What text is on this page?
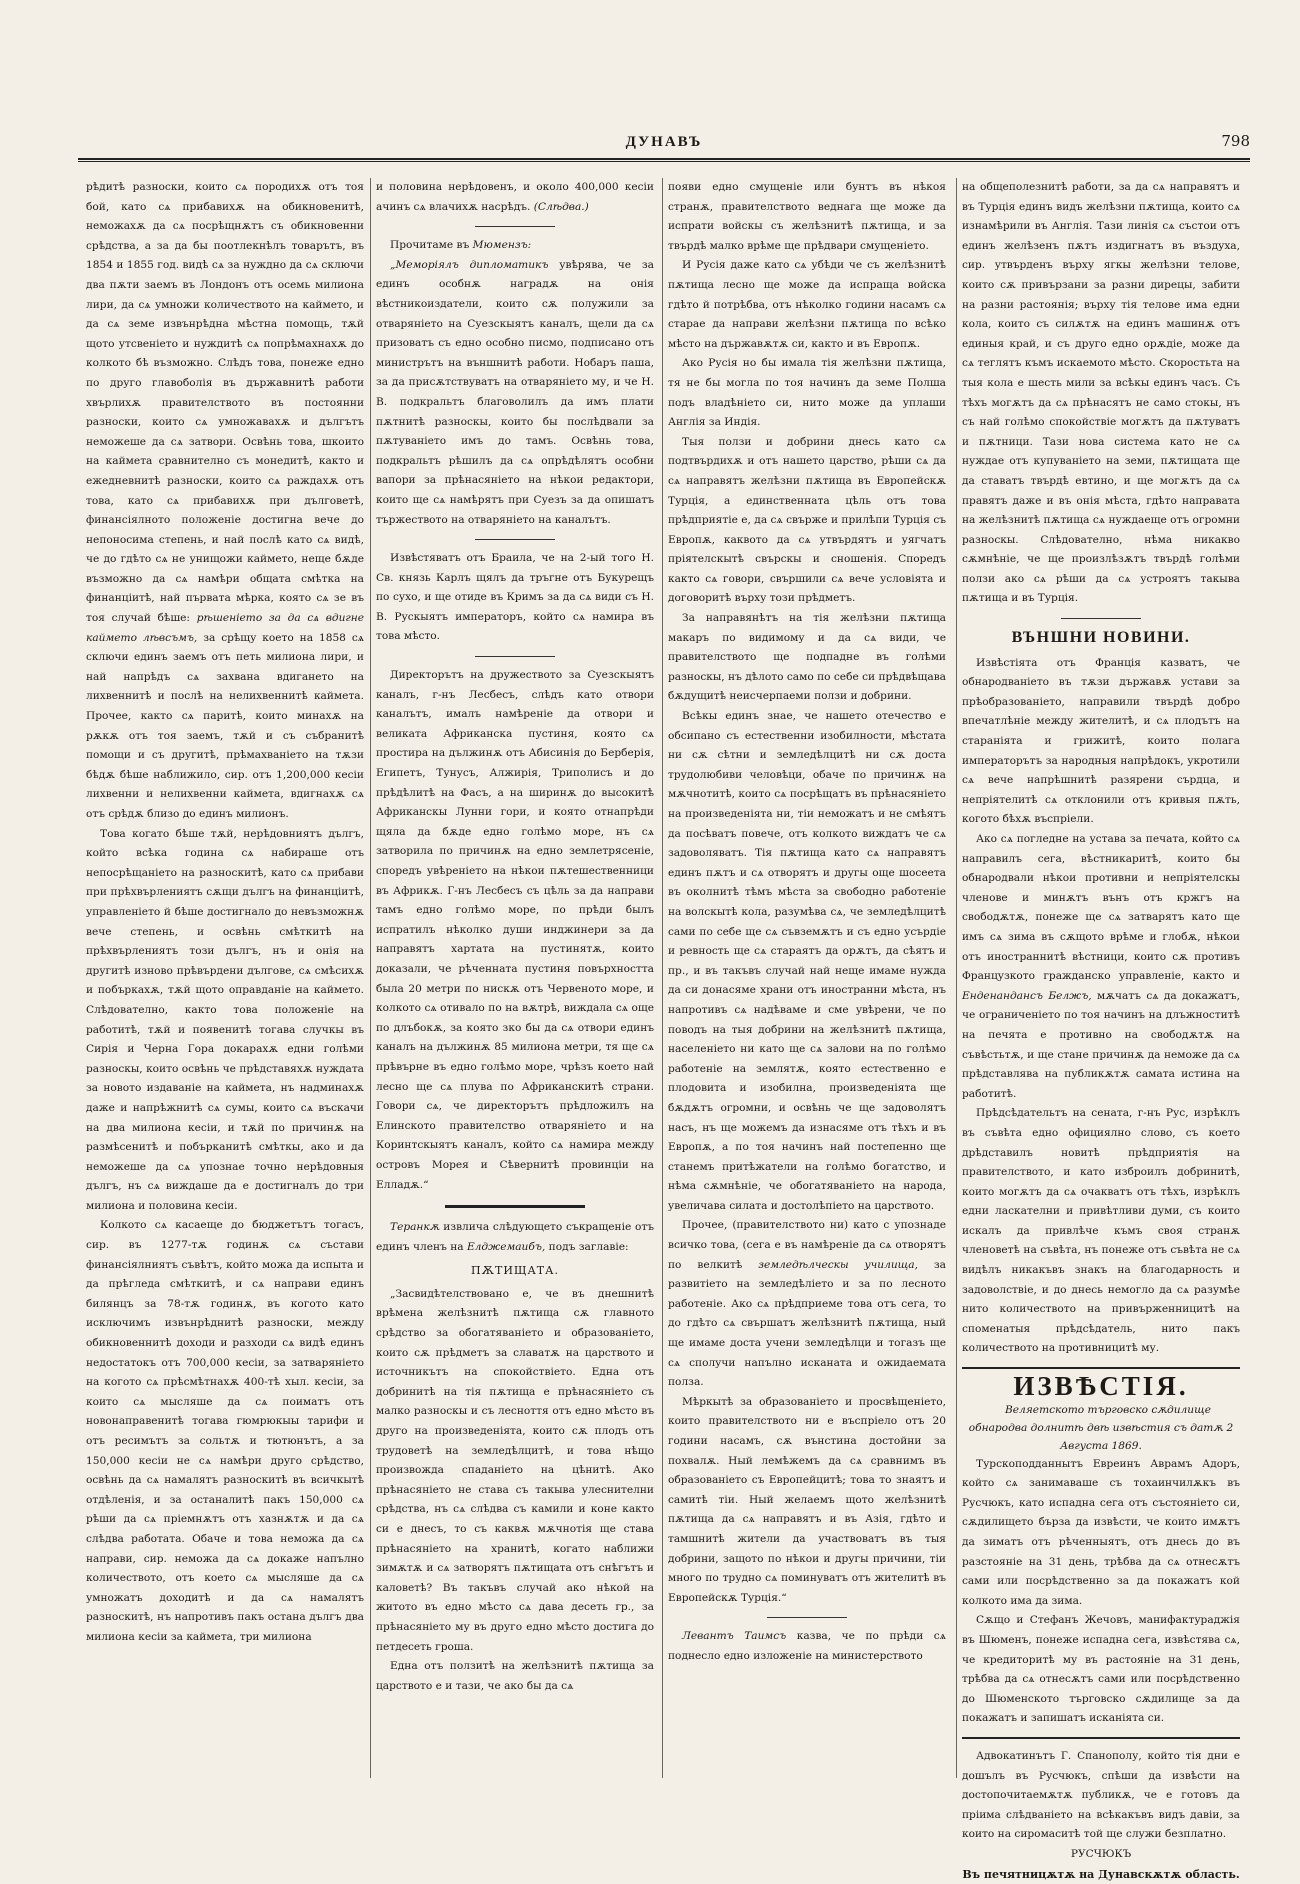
ДУНАВЪ	798

рѣдитѣ разноски, които сѧ породихѫ отъ тоя бой, като сѧ прибавихѫ на обикновенитѣ, неможахѫ да сѧ посрѣщнѫтъ съ обикновенни срѣдства, а за да бы поотлекнѣлъ товарътъ, въ 1854 и 1855 год. видѣ сѧ за нуждно да сѧ сключи два пѫти заемъ въ Лондонъ отъ осемь милиона лири, да сѧ умножи количеството на каймето, и да сѧ земе извънрѣдна мѣстна помощь, тѫй щото утсвенiето и нуждитѣ сѧ попрѣмахнахѫ до колкото бѣ възможно. Слѣдъ това, понеже едно по друго главоболiя въ държавнитѣ работи хвърлихѫ правителството въ постоянни разноски, които сѧ умножавахѫ и дългътъ неможеше да сѧ затвори. Освѣнь това, шкоито на каймета сравнително съ монедитѣ, както и ежедневнитѣ разноски, които сѧ раждахѫ отъ това, като сѧ прибавихѫ при дълговетѣ, финансiялното положенiе достигна вече до непоносима степень, и най послѣ като сѧ видѣ, че до гдѣто сѧ не унищожи каймето, неще бѫде възможно да сѧ намѣри общата смѣтка на финанцiитѣ, най първата мѣрка, която сѧ зе въ тоя случай бѣше: рѣшенiето за да сѧ вдигне каймето лѣвсъмъ, за срѣщу което на 1858 сѧ сключи единъ заемъ отъ петь милиона лири, и най напрѣдъ сѧ захвана вдигането на лихвеннитѣ и послѣ на нелихвеннитѣ каймета. Прочее, както сѧ паритѣ, които минахѫ на рѫкѫ отъ тоя заемъ, тѫй и съ събранитѣ помощи и съ другитѣ, прѣмахванiето на тѫзи бѣдѫ бѣше наближило, сир. отъ 1,200,000 кесiи лихвенни и нелихвенни каймета, вдигнахѫ сѧ отъ срѣдѫ близо до единъ милионъ.

Това когато бѣше тѫй, нерѣдовниятъ дългъ, който всѣка година сѧ набираше отъ непосрѣщанiето на разноскитѣ, като сѧ прибави при прѣхвърлениятъ сѫщи дългъ на финанцiитѣ, управленiето й бѣше достигнало до невъзможнѫ вече степень, и освѣнь смѣткитѣ на прѣхвърлениятъ този дългъ, нъ и онiя на другитѣ изново прѣвърдени дългове, сѧ смѣсихѫ и побъркахѫ, тѫй щото оправданiе на каймето. Слѣдователно, както това положенiе на работитѣ, тѫй и появенитѣ тогава случкы въ Сирiя и Черна Гора докарахѫ едни голѣми разноскы, които освѣнь че прѣдставяхѫ нуждата за новото издаванiе на каймета, нъ надминахѫ даже и напрѣжнитѣ сѧ сумы, които сѧ въскачи на два милиона кесiи, и тѫй по причинѫ на размѣсенитѣ и побърканитѣ смѣткы, ако и да неможеше да сѧ упознае точно нерѣдовныя дългъ, нъ сѧ виждаше да е достигналъ до три милиона и половина кесiи.

Колкото сѧ касаеще до бюджетътъ тогасъ, сир. въ 1277-тѫ годинѫ сѧ състави финансiялниятъ съвѣтъ, който можа да испыта и да прѣгледа смѣткитѣ, и сѧ направи единъ билянцъ за 78-тѫ годинѫ, въ когото като исключимъ извънрѣднитѣ разноски, между обикновеннитѣ доходи и разходи сѧ видѣ единъ недостатокъ отъ 700,000 кесiи, за затварянiето на когото сѧ прѣсмѣтнахѫ 400-тѣ хыл. кесiи, за които сѧ мысляше да сѧ поиматъ отъ новонаправенитѣ тогава гюмрюкыы тарифи и отъ ресимътъ за сольтѫ и тютюнътъ, а за 150,000 кесiи не сѧ намѣри друго срѣдство, освѣнь да сѧ намалятъ разноскитѣ въ всичкытѣ отдѣленiя, и за останалитѣ пакъ 150,000 сѧ рѣши да сѧ прiемнѫтъ отъ хазнѫтѫ и да сѧ слѣдва работата. Обаче и това неможа да сѧ направи, сир. неможа да сѧ докаже напълно количеството, отъ което сѧ мысляше да сѧ умножатъ доходитѣ и да сѧ намалятъ разноскитѣ, нъ напротивъ пакъ остана дългъ два милиона кесiи за каймета, три милиона

и половина нерѣдовенъ, и около 400,000 кесiи ачинъ сѧ влачихѫ насрѣдъ. (Слѣдва.)

Прочитаме въ Мюмензъ:

„Меморiялъ дипломатикъ увѣрява, че за единъ особнѫ наградѫ на онiя вѣстникоиздатели, които сѫ полужили за отварянiето на Суезскыятъ каналъ, щели да сѧ призоватъ съ едно особно писмо, подписано отъ министрътъ на външнитѣ работи. Нобаръ паша, за да присѫтствуватъ на отварянiето му, и че Н. В. подкральтъ благоволилъ да имъ плати пѫтнитѣ разноскы, които бы послѣдвали за пѫтуванiето имъ до тамъ. Освѣнь това, подкральтъ рѣшилъ да сѧ опрѣдѣлятъ особни вапори за прѣнасянiето на нѣкои редактори, които ще сѧ намѣрятъ при Суезъ за да опишатъ тържеството на отварянiето на каналътъ.

Извѣстяватъ отъ Браила, че на 2-ый того Н. Св. князь Карлъ щялъ да тръгне отъ Букурещъ по сухо, и ще отиде въ Кримъ за да сѧ види съ Н. В. Рускыятъ императоръ, който сѧ намира въ това мѣсто.

Директорътъ на дружеството за Суезскыятъ каналъ, г-нъ Лесбесъ, слѣдъ като отвори каналътъ, ималъ намѣренiе да отвори и великата Африканска пустиня, която сѧ простира на дължинѫ отъ Абисинiя до Берберiя, Египетъ, Тунусъ, Алжирiя, Триполисъ и до прѣдѣлитѣ на Фасъ, а на ширинѫ до высокитѣ Африканскы Лунни гори, и която отнапрѣди щяла да бѫде едно голѣмо море, нъ сѧ затворила по причинѫ на едно землетрясенiе, споредъ увѣренiето на нѣкои пѫтешественници въ Африкѫ. Г-нъ Лесбесъ съ цѣль за да направи тамъ едно голѣмо море, по прѣди былъ испратилъ нѣколко души инджинери за да направятъ хартата на пустинятѫ, които доказали, че рѣченната пустиня повърхността была 20 метри по нискѫ отъ Червеното море, и колкото сѧ отивало по на вѫтрѣ, виждала сѧ още по длъбокѫ, за която зко бы да сѧ отвори единъ каналъ на дължинѫ 85 милиона метри, тя ще сѧ прѣвърне въ едно голѣмо море, чрѣзъ което най лесно ще сѧ плува по Африканскитѣ страни. Говори сѧ, че директорътъ прѣдложилъ на Елинското правителство отварянiето и на Коринтскыятъ каналъ, който сѧ намира между островъ Морея и Сѣвернитѣ провинцiи на Елладѫ.“

Теранкѫ извлича слѣдующето съкращенiе отъ единъ членъ на Елджемаибъ, подъ заглавiе:

ПѪТИЩАТА.

„Засвидѣтелствовано е, че въ днешнитѣ врѣмена желѣзнитѣ пѫтища сѫ главното срѣдство за обогатяванiето и образованiето, които сѫ прѣдметъ за славатѫ на царството и источникътъ на спокойствiето. Една отъ добринитѣ на тiя пѫтища е прѣнасянiето съ малко разноскы и съ лесноття отъ едно мѣсто въ друго на произведенiята, които сѫ плодъ отъ трудоветѣ на земледѣлцитѣ, и това нѣщо произвожда спаданiето на цѣнитѣ. Ако прѣнасянiето не става съ такыва улеснителни срѣдства, нъ сѧ слѣдва съ камили и коне както си е днесъ, то съ каквѫ мѫчнотiя ще става прѣнасянiето на хранитѣ, когато наближи зимѫтѫ и сѧ затворятъ пѫтищата отъ снѣгътъ и каловетѣ? Въ такъвъ случай ако нѣкой на житото въ едно мѣсто сѧ дава десеть гр., за прѣнасянiето му въ друго едно мѣсто достига до петдесеть гроша.

Една отъ ползитѣ на желѣзнитѣ пѫтища за царството е и тази, че ако бы да сѧ

появи едно смущенiе или бунтъ въ нѣкоя странѫ, правителството веднага ще може да испрати войскы съ желѣзнитѣ пѫтища, и за твърдѣ малко врѣме ще прѣдвари смущенiето.

И Русiя даже като сѧ убѣди че съ желѣзнитѣ пѫтища лесно ще може да испраща войска гдѣто й потрѣбва, отъ нѣколко години насамъ сѧ старае да направи желѣзни пѫтища по всѣко мѣсто на държавѫтѫ си, както и въ Европѫ.

Ако Русiя но бы имала тiя желѣзни пѫтища, тя не бы могла по тоя начинъ да земе Полша подъ владѣнiето си, нито може да уплаши Англiя за Индiя.

Тыя ползи и добрини днесь като сѧ подтвърдихѫ и отъ нашето царство, рѣши сѧ да сѧ направятъ желѣзни пѫтища въ Европейскѫ Турцiя, а единственната цѣль отъ това прѣдприятiе е, да сѧ свърже и прилѣпи Турцiя съ Европѫ, каквото да сѧ утвърдятъ и уягчатъ прiятелскытѣ свърскы и сношенiя. Споредъ както сѧ говори, свършили сѧ вече условiята и договоритѣ върху този прѣдметъ.

За направянѣтъ на тiя желѣзни пѫтища макаръ по видимому и да сѧ види, че правителството ще подпадне въ голѣми разноскы, нъ дѣлото само по себе си прѣдвѣщава бѫдущитѣ неисчерпаеми ползи и добрини.

Всѣкы единъ знае, че нашето отечество е обсипано съ естественни изобилности, мѣстата ни сѫ сѣтни и земледѣлцитѣ ни сѫ доста трудолюбиви человѣци, обаче по причинѫ на мѫчнотитѣ, които сѧ посрѣщатъ въ прѣнасянiето на произведенiята ни, тiи неможатъ и не смѣятъ да посѣватъ повече, отъ колкото виждатъ че сѧ задоволяватъ. Тiя пѫтища като сѧ направятъ единъ пѫтъ и сѧ отворятъ и другы още шосеета въ околнитѣ тѣмъ мѣста за свободно работенiе на волскытѣ кола, разумѣва сѧ, че земледѣлцитѣ сами по себе ще сѧ съвземѫтъ и съ едно усърдiе и ревность ще сѧ стараятъ да орѫтъ, да сѣятъ и пр., и въ такъвъ случай най неще имаме нужда да си донасяме храни отъ иностранни мѣста, нъ напротивъ сѧ надѣваме и сме увѣрени, че по поводъ на тыя добрини на желѣзнитѣ пѫтища, населенiето ни като ще сѧ залови на по голѣмо работенiе на землятѫ, която естественно е плодовита и изобилна, произведенiята ще бѫдѫтъ огромни, и освѣнь че ще задоволятъ насъ, нъ ще можемъ да изнасяме отъ тѣхъ и въ Европѫ, а по тоя начинъ най постепенно ще станемъ притѣжатели на голѣмо богатство, и нѣма сѫмнѣнiе, че обогатяванiето на народа, увеличава силата и достолѣпiето на царството.

Прочее, (правителството ни) като с упознаде всичко това, (сега е въ намѣренiе да сѧ отворятъ по велкитѣ земледѣлческы училища, за развитiето на земледѣлiето и за по лесното работенiе. Ако сѧ прѣдприеме това отъ сега, то до гдѣто сѧ свършатъ желѣзнитѣ пѫтища, ный ще имаме доста учени земледѣлци и тогазъ ще сѧ сполучи напълно исканата и ожидаемата полза.

Мѣркытѣ за образованiето и просвѣщенiето, които правителството ни е въспрiело отъ 20 години насамъ, сѫ вънстина достойни за похвалѫ. Ный лемѣжемъ да сѧ сравнимъ въ образованiето съ Европейцитѣ; това то знаятъ и самитѣ тiи. Ный желаемъ щото желѣзнитѣ пѫтища да сѧ направятъ и въ Азiя, гдѣто и тамшнитѣ жители да участвоватъ въ тыя добрини, защото по нѣкои и другы причини, тiи много по трудно сѧ поминуватъ отъ жителитѣ въ Европейскѫ Турцiя.“

Левантъ Таимсъ казва, че по прѣди сѧ поднесло едно изложенiе на министерството

на общеполезнитѣ работи, за да сѧ направятъ и въ Турцiя единъ видъ желѣзни пѫтища, които сѧ изнамѣрили въ Англiя. Тази линiя сѧ състои отъ единъ желѣзенъ пѫтъ издигнатъ въ въздуха, сир. утвърденъ върху ягкы желѣзни телове, които сѫ привързани за разни дирецы, забити на разни растоянiя; върху тiя телове има едни кола, които съ силѫтѫ на единъ машинѫ отъ единыя край, и съ друго едно орѫдiе, може да сѧ теглятъ къмъ искаемото мѣсто. Скоростьта на тыя кола е шесть мили за всѣкы единъ часъ. Съ тѣхъ могѫтъ да сѧ прѣнасятъ не само стокы, нъ съ най голѣмо спокойствiе могѫтъ да пѫтуватъ и пѫтници. Тази нова система като не сѧ нуждае отъ купуванiето на земи, пѫтищата ще да ставатъ твърдѣ евтино, и ще могѫтъ да сѧ правятъ даже и въ онiя мѣста, гдѣто направата на желѣзнитѣ пѫтища сѧ нуждаеще отъ огромни разноскы. Слѣдователно, нѣма никакво сѫмнѣнiе, че ще произлѣзѫтъ твърдѣ голѣми ползи ако сѧ рѣши да сѧ устроятъ такыва пѫтища и въ Турцiя.

ВЪНШНИ НОВИНИ.

Извѣстiята отъ Францiя казватъ, че обнародванiето въ тѫзи държавѫ устави за прѣобразованiето, направили твърдѣ добро впечатлѣнiе между жителитѣ, и сѧ плодътъ на старанiята и грижитѣ, които полага императорътъ за народныя напрѣдокъ, укротили сѧ вече напрѣшнитѣ разярени сърдца, и непрiятелитѣ сѧ отклонили отъ кривыя пѫть, когото бѣхѫ въспрiели.

Ако сѧ погледне на устава за печата, който сѧ направилъ сега, вѣстникаритѣ, които бы обнародвали нѣкои противни и непрiятелскы членове и минѫтъ вънъ отъ кржгъ на свободѫтѫ, понеже ще сѧ затварятъ като ще имъ сѧ зима въ сѫщото врѣме и глобѫ, нѣкои отъ иностраннитѣ вѣстници, които сѫ противъ Французкото гражданско управленiе, както и Енденандансъ Белжъ, мѫчатъ сѧ да докажатъ, че ограниченiето по тоя начинъ на длъжноститѣ на печята е противно на свободѫтѫ на съвѣстьтѫ, и ще стане причинѫ да неможе да сѧ прѣдставлява на публикѫтѫ самата истина на работитѣ.

Прѣдсѣдательтъ на сената, г-нъ Рус, изрѣклъ въ съвѣта едно официялно слово, съ което дрѣдставилъ новитѣ прѣдприятiя на правителството, и като изброилъ добринитѣ, които могѫтъ да сѧ очакватъ отъ тѣхъ, изрѣклъ едни ласкателни и привѣтливи думи, съ които искалъ да привлѣче къмъ своя странѫ членоветѣ на съвѣта, нъ понеже отъ съвѣта не сѧ видѣлъ никакъвъ знакъ на благодарность и задоволствiе, и до днесь немогло да сѧ разумѣе нито количеството на привърженницитѣ на споменатыя прѣдсѣдатель, нито пакъ количеството на противницитѣ му.

ИЗВѢСТIЯ.

Веляетското търговско сѫдилище обнародва долнитѣ двѣ извѣстия съ датѫ 2 Августа 1869.

Турскоподданнытъ Евреинъ Аврамъ Адоръ, който сѧ занимаваше съ тохаинчилѫкъ въ Русчюкъ, като испадна сега отъ състоянiето си, сѫдилището бърза да извѣсти, че които имѫтъ да зиматъ отъ рѣченныятъ, отъ днесь до въ разстоянiе на 31 день, трѣбва да сѧ отнесѫтъ сами или посрѣдственно за да покажатъ кой колкото има да зима.

Сѫщо и Стефанъ Жечовъ, манифактураджiя въ Шюменъ, понеже испадна сега, извѣстява сѧ, че кредиторитѣ му въ растоянiе на 31 день, трѣбва да сѧ отнесѫтъ сами или посрѣдственно до Шюменското търговско сѫдилище за да покажатъ и запишатъ исканiята си.

Адвокатинътъ Г. Спанополу, който тiя дни е дошълъ въ Русчюкъ, спѣши да извѣсти на достопочитаемѫтѫ публикѫ, че е готовъ да прiима слѣдванiето на всѣкакъвъ видъ давiи, за които на сиромаситѣ той ще служи безплатно.

РУСЧЮКЪ
Въ печятницѫтѫ на Дунавскѫтѫ область.
